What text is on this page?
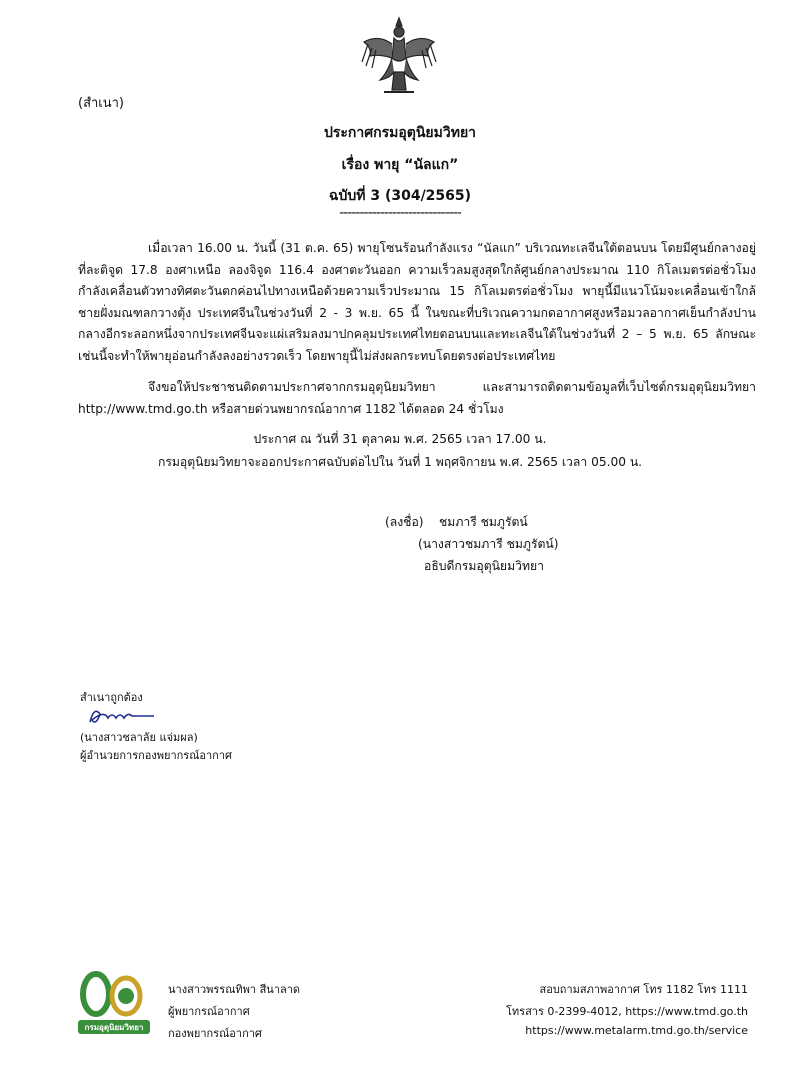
(สำเนา)
ประกาศกรมอุตุนิยมวิทยา
เรื่อง พายุ “นัลแก”
ฉบับที่ 3 (304/2565)
------------------------------
เมื่อเวลา 16.00 น. วันนี้ (31 ต.ค. 65) พายุโซนร้อนกำลังแรง “นัลแก” บริเวณทะเลจีนใต้ตอนบน โดยมีศูนย์กลางอยู่ที่ละติจูด 17.8 องศาเหนือ ลองจิจูด 116.4 องศาตะวันออก ความเร็วลมสูงสุดใกล้ศูนย์กลางประมาณ 110 กิโลเมตรต่อชั่วโมง กำลังเคลื่อนตัวทางทิศตะวันตกค่อนไปทางเหนือด้วยความเร็วประมาณ 15 กิโลเมตรต่อชั่วโมง พายุนี้มีแนวโน้มจะเคลื่อนเข้าใกล้ชายฝั่งมณฑลกวางตุ้ง ประเทศจีนในช่วงวันที่ 2 - 3 พ.ย. 65 นี้ ในขณะที่บริเวณความกดอากาศสูงหรือมวลอากาศเย็นกำลังปานกลางอีกระลอกหนึ่งจากประเทศจีนจะแผ่เสริมลงมาปกคลุมประเทศไทยตอนบนและทะเลจีนใต้ในช่วงวันที่ 2 – 5 พ.ย. 65 ลักษณะเช่นนี้จะทำให้พายุอ่อนกำลังลงอย่างรวดเร็ว โดยพายุนี้ไม่ส่งผลกระทบโดยตรงต่อประเทศไทย
จึงขอให้ประชาชนติดตามประกาศจากกรมอุตุนิยมวิทยา และสามารถติดตามข้อมูลที่เว็บไซต์กรมอุตุนิยมวิทยา http://www.tmd.go.th หรือสายด่วนพยากรณ์อากาศ 1182 ได้ตลอด 24 ชั่วโมง
ประกาศ ณ วันที่ 31 ตุลาคม พ.ศ. 2565 เวลา 17.00 น.
กรมอุตุนิยมวิทยาจะออกประกาศฉบับต่อไปใน วันที่ 1 พฤศจิกายน พ.ศ. 2565 เวลา 05.00 น.
(ลงชื่อ)    ชมภารี ชมภูรัตน์
(นางสาวชมภารี ชมภูรัตน์)
อธิบดีกรมอุตุนิยมวิทยา
สำเนาถูกต้อง
(นางสาวชลาลัย แจ่มผล)
ผู้อำนวยการกองพยากรณ์อากาศ
กรมอุตุนิยมวิทยา
นางสาวพรรณทิพา สีนาลาด
ผู้พยากรณ์อากาศ
กองพยากรณ์อากาศ
สอบถามสภาพอากาศ โทร 1182 โทร 1111
โทรสาร 0-2399-4012, https://www.tmd.go.th
https://www.metalarm.tmd.go.th/service
